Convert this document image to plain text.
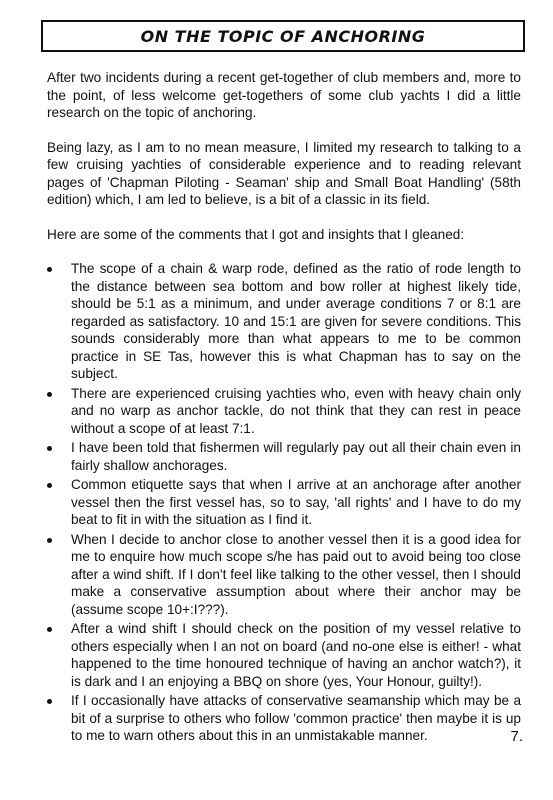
ON THE TOPIC OF ANCHORING

After two incidents during a recent get-together of club members and, more to the point, of less welcome get-togethers of some club yachts I did a little research on the topic of anchoring.

Being lazy, as I am to no mean measure, I limited my research to talking to a few cruising yachties of considerable experience and to reading relevant pages of 'Chapman Piloting - Seaman' ship and Small Boat Handling' (58th edition) which, I am led to believe, is a bit of a classic in its field.

Here are some of the comments that I got and insights that I gleaned:

The scope of a chain & warp rode, defined as the ratio of rode length to the distance between sea bottom and bow roller at highest likely tide, should be 5:1 as a minimum, and under average conditions 7 or 8:1 are regarded as satisfactory. 10 and 15:1 are given for severe conditions. This sounds considerably more than what appears to me to be common practice in SE Tas, however this is what Chapman has to say on the subject.
There are experienced cruising yachties who, even with heavy chain only and no warp as anchor tackle, do not think that they can rest in peace without a scope of at least 7:1.
I have been told that fishermen will regularly pay out all their chain even in fairly shallow anchorages.
Common etiquette says that when I arrive at an anchorage after another vessel then the first vessel has, so to say, 'all rights' and I have to do my beat to fit in with the situation as I find it.
When I decide to anchor close to another vessel then it is a good idea for me to enquire how much scope s/he has paid out to avoid being too close after a wind shift. If I don't feel like talking to the other vessel, then I should make a conservative assumption about where their anchor may be (assume scope 10+:I???).
After a wind shift I should check on the position of my vessel relative to others especially when I an not on board (and no-one else is either! - what happened to the time honoured technique of having an anchor watch?), it is dark and I an enjoying a BBQ on shore (yes, Your Honour, guilty!).
If I occasionally have attacks of conservative seamanship which may be a bit of a surprise to others who follow 'common practice' then maybe it is up to me to warn others about this in an unmistakable manner.	7.
